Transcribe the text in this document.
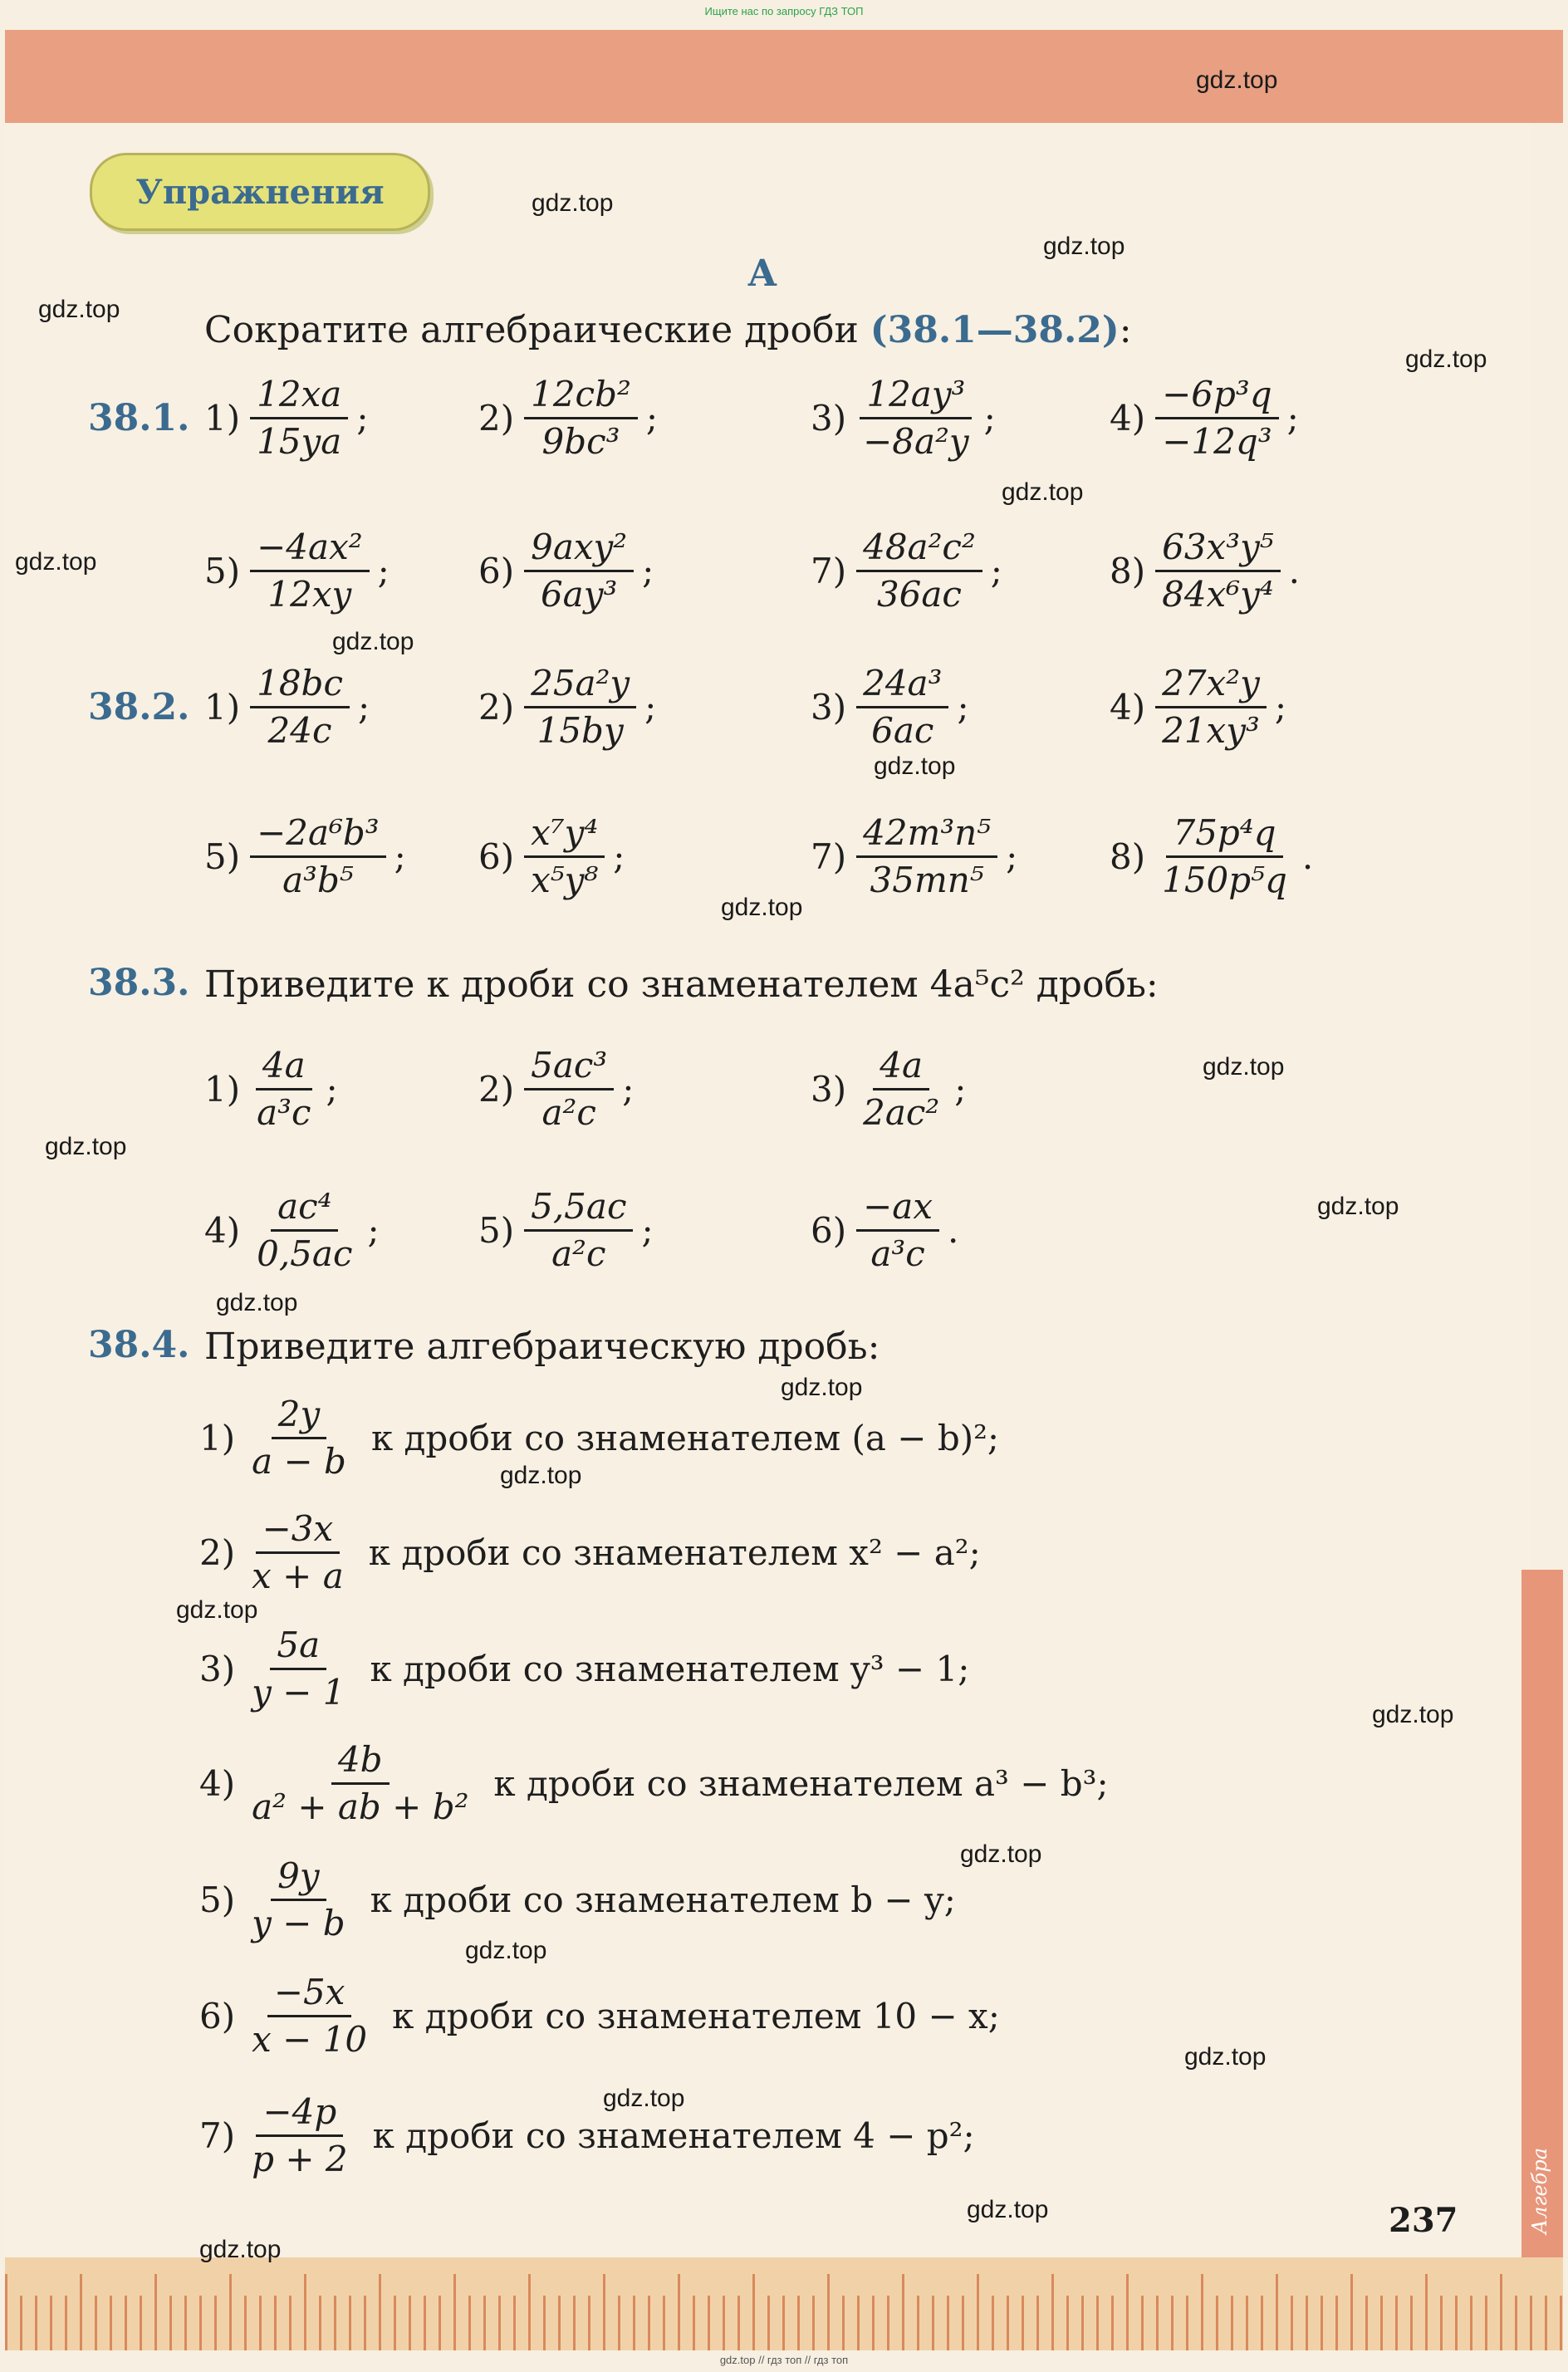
Ищите нас по запросу ГДЗ ТОП
Алгебра
Упражнения
А
Сократите алгебраические дроби (38.1—38.2):
38.1. $1) \frac{12xa}{15ya}$ ;	$2) \frac{\text{12cb²}}{\text{9bc³}}$ ;	$3) \frac{\text{12ay³}}{\text{−8a²y}}$ ;	$4) \frac{\text{−6p³q}}{\text{−12q³}}$ ;
$5) \frac{\text{−4ax²}}{12xy}$ ;	$6) \frac{\text{9axy²}}{\text{6ay³}}$ ;	$7) \frac{\text{48a²c²}}{36ac}$ ;	$8) \frac{\text{63x³y⁵}}{\text{84x⁶y⁴}}$ .
38.2. $1) \frac{18bc}{24c}$ ;	$2) \frac{\text{25a²y}}{15by}$ ;	$3) \frac{\text{24a³}}{6ac}$ ;	$4) \frac{\text{27x²y}}{\text{21xy³}}$ ;
$5) \frac{\text{−2a⁶b³}}{\text{a³b⁵}}$ ; $6) \frac{\text{x⁷y⁴}}{\text{x⁵y⁸}}$ ;	$7) \frac{\text{42m³n⁵}}{\text{35mn⁵}}$ ;	$8) \frac{\text{75p⁴q}}{\text{150p⁵q}}$ .
38.3. Приведите к дроби со знаменателем 4a⁵c² дробь:
$1) \frac{4a}{\text{a³c}}$ ;	$2) \frac{\text{5ac³}}{\text{a²c}}$ ;	$3) \frac{4a}{\text{2ac²}}$ ;
$4) \frac{\text{ac⁴}}{0,5ac}$ ;	$5) \frac{5,5ac}{\text{a²c}}$ ;	$6) \frac{-ax}{\text{a³c}}$ .
38.4. Приведите алгебраическую дробь:
$1) \frac{2y}{a - b}$ к дроби со знаменателем (a − b)²;
$2) \frac{-3x}{x + a}$ к дроби со знаменателем x² − a²;
$3) \frac{5a}{y - 1}$ к дроби со знаменателем y³ − 1;
$4) \frac{4b}{\text{a² + ab + b²}}$ к дроби со знаменателем a³ − b³;
$5) \frac{9y}{y - b}$ к дроби со знаменателем b − y;
$6) \frac{-5x}{x - 10}$ к дроби со знаменателем 10 − x;
$7) \frac{-4p}{p + 2}$ к дроби со знаменателем 4 − p²;
237
gdz.top // гдз топ // гдз топ
gdz.top
gdz.top
gdz.top
gdz.top
gdz.top
gdz.top
gdz.top
gdz.top
gdz.top
gdz.top
gdz.top
gdz.top
gdz.top
gdz.top
gdz.top
gdz.top
gdz.top
gdz.top
gdz.top
gdz.top
gdz.top
gdz.top
gdz.top
gdz.top
